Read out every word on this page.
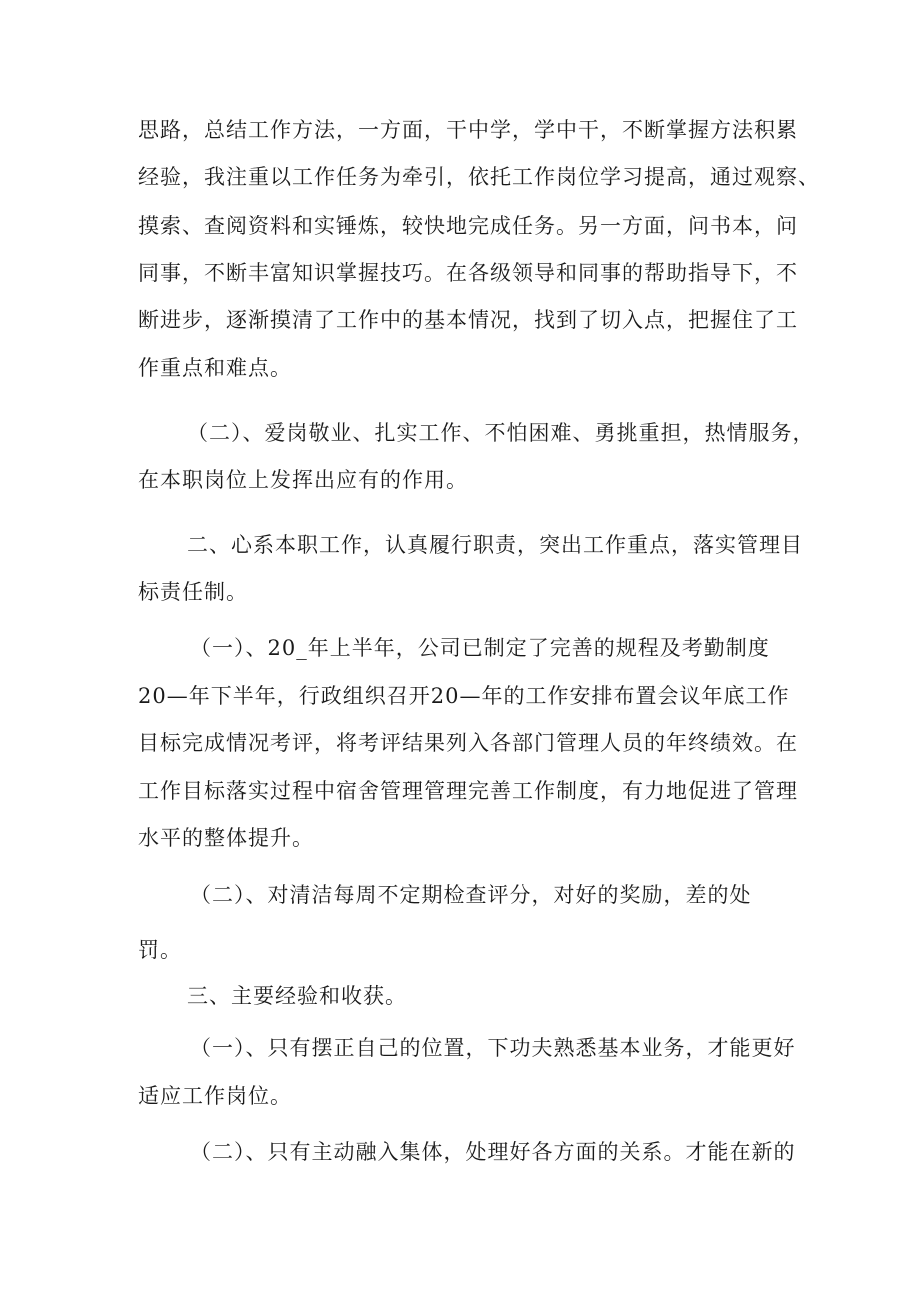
思路，总结工作方法，一方面，干中学，学中干，不断掌握方法积累
经验，我注重以工作任务为牵引，依托工作岗位学习提高，通过观察、
摸索、查阅资料和实锤炼，较快地完成任务。另一方面，问书本，问
同事，不断丰富知识掌握技巧。在各级领导和同事的帮助指导下，不
断进步，逐渐摸清了工作中的基本情况，找到了切入点，把握住了工
作重点和难点。
（二）、爱岗敬业、扎实工作、不怕困难、勇挑重担，热情服务，
在本职岗位上发挥出应有的作用。
二、心系本职工作，认真履行职责，突出工作重点，落实管理目
标责任制。
（一）、20_年上半年，公司已制定了完善的规程及考勤制度
20—年下半年，行政组织召开20—年的工作安排布置会议年底工作
目标完成情况考评，将考评结果列入各部门管理人员的年终绩效。在
工作目标落实过程中宿舍管理管理完善工作制度，有力地促进了管理
水平的整体提升。
（二）、对清洁每周不定期检查评分，对好的奖励，差的处
罚。
三、主要经验和收获。
（一）、只有摆正自己的位置，下功夫熟悉基本业务，才能更好
适应工作岗位。
（二）、只有主动融入集体，处理好各方面的关系。才能在新的
